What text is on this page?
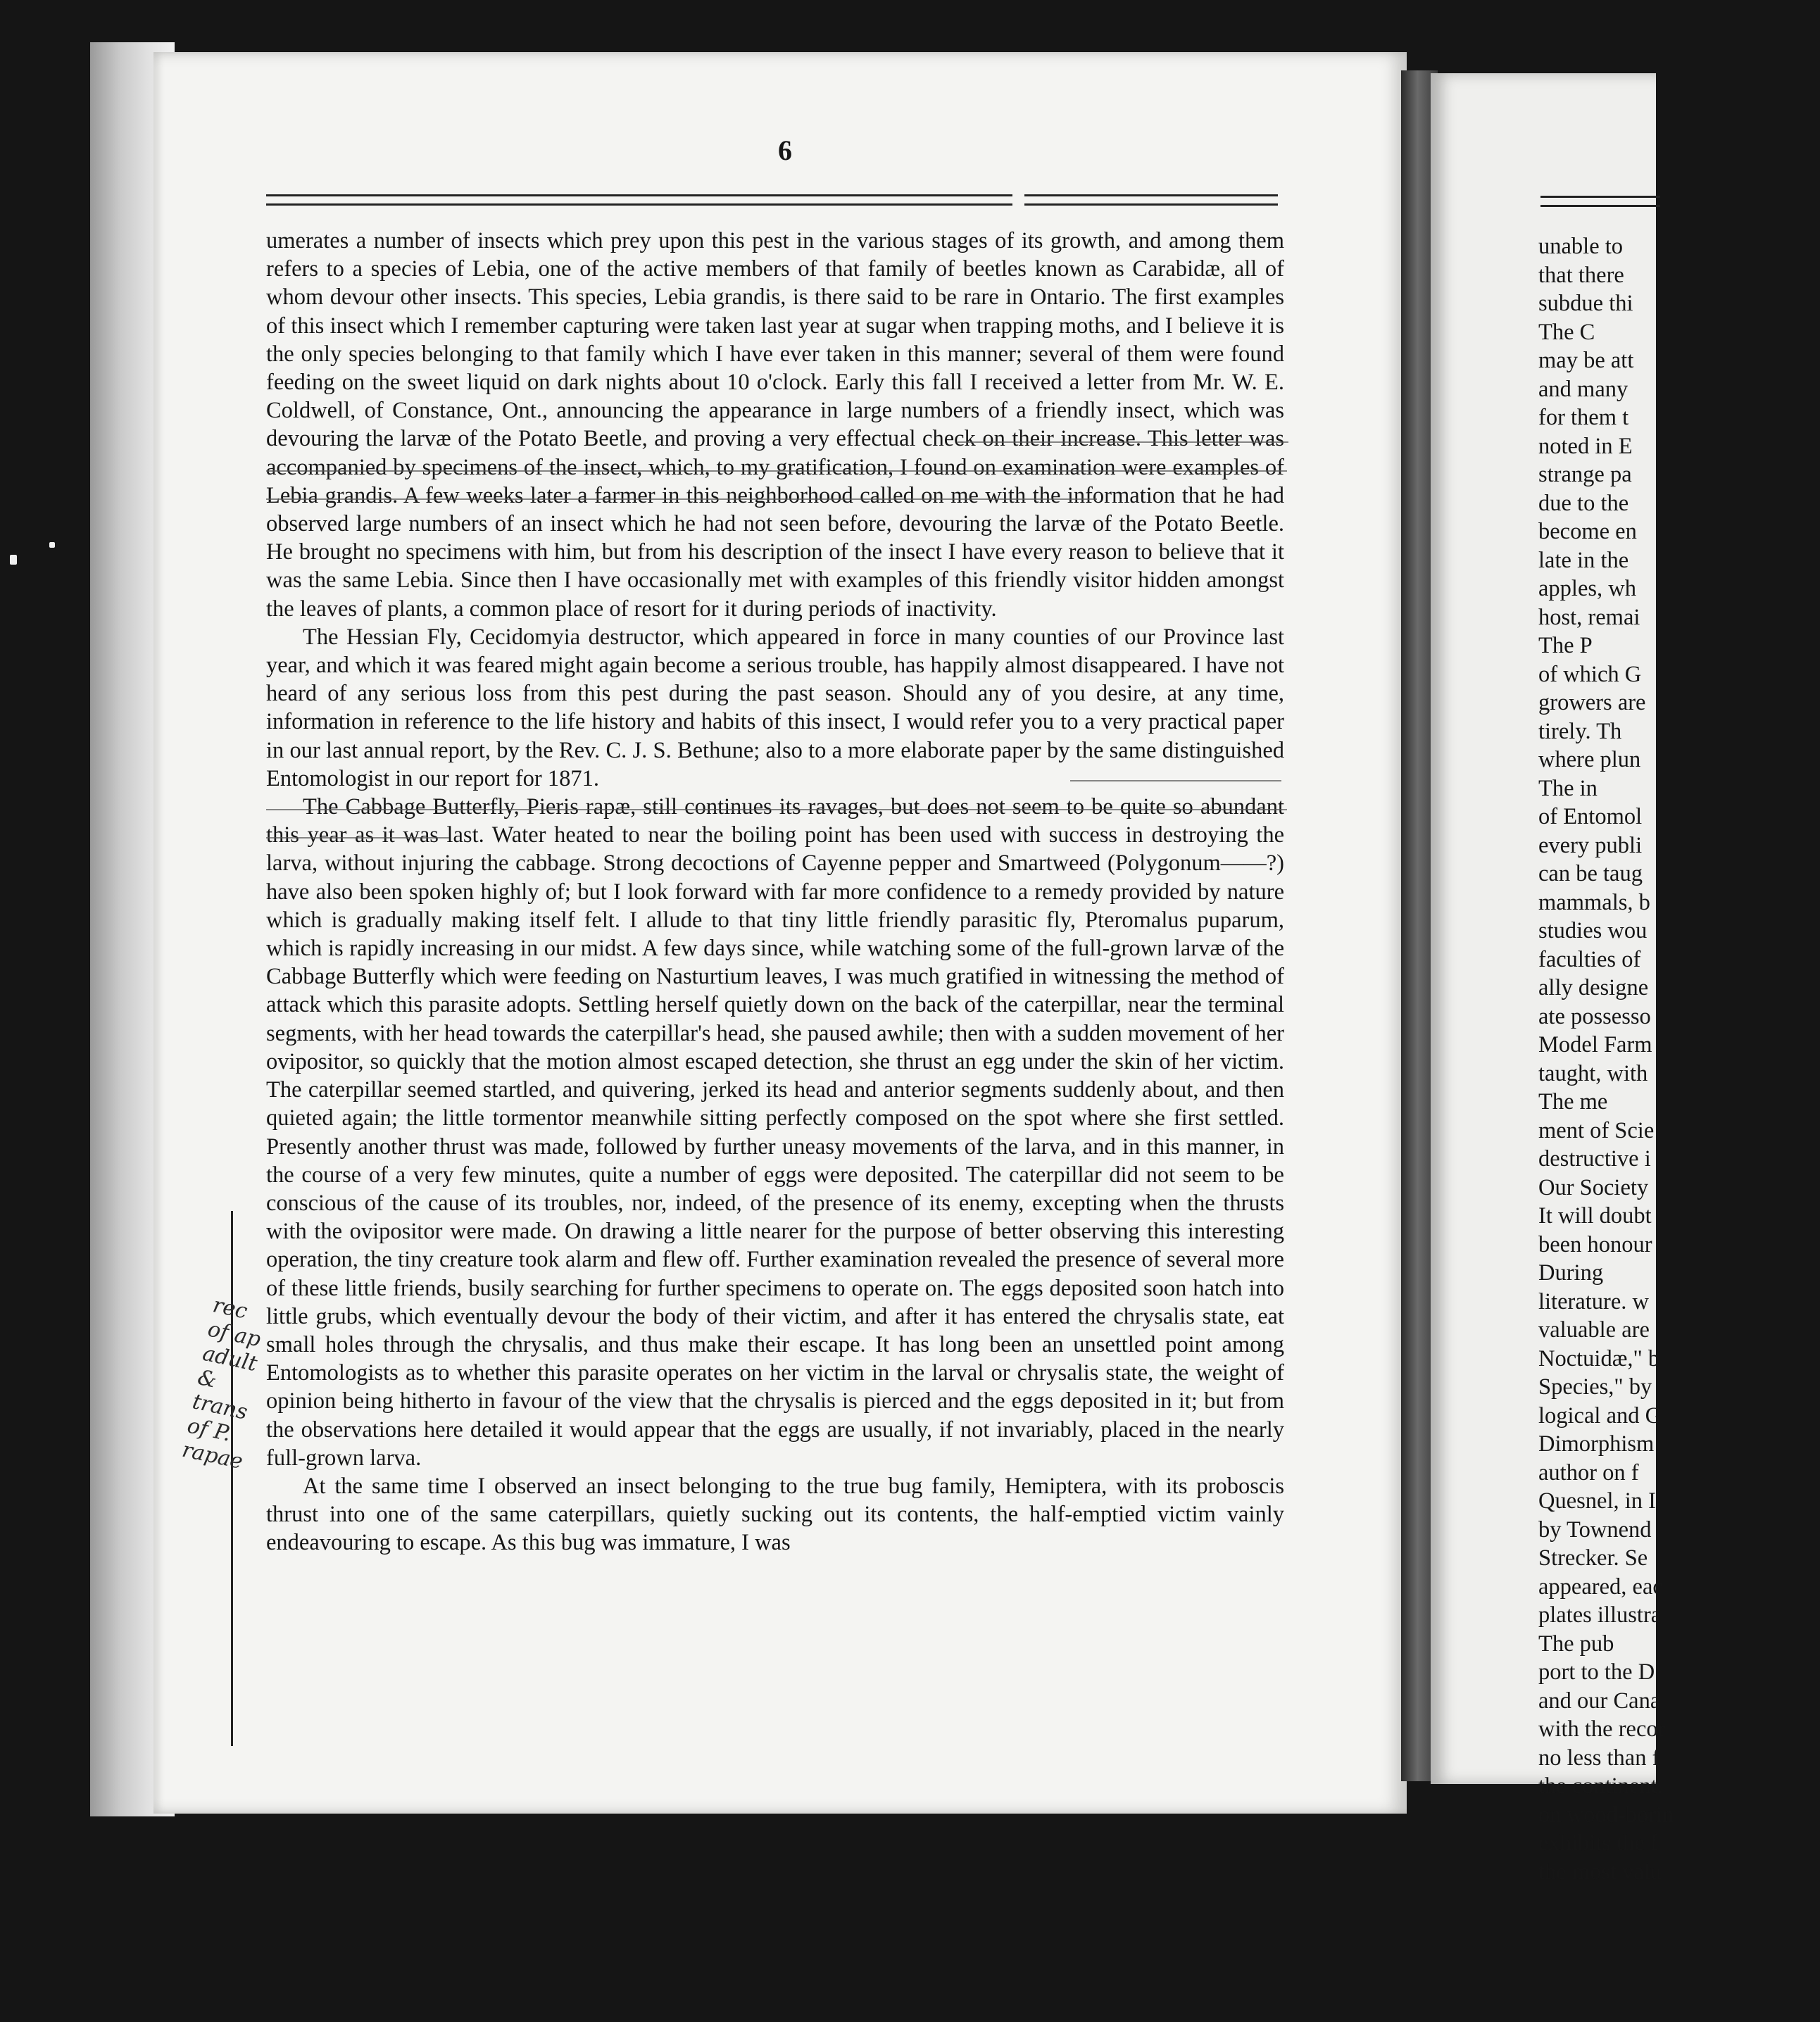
6

umerates a number of insects which prey upon this pest in the various stages of its growth, and among them refers to a species of Lebia, one of the active members of that family of beetles known as Carabidæ, all of whom devour other insects. This species, Lebia grandis, is there said to be rare in Ontario. The first examples of this insect which I remember capturing were taken last year at sugar when trapping moths, and I believe it is the only species belonging to that family which I have ever taken in this manner; several of them were found feeding on the sweet liquid on dark nights about 10 o'clock. Early this fall I received a letter from Mr. W. E. Coldwell, of Constance, Ont., announcing the appearance in large numbers of a friendly insect, which was devouring the larvæ of the Potato Beetle, and proving a very effectual check on their increase. This letter was accompanied by specimens of the insect, which, to my gratification, I found on examination were examples of Lebia grandis. A few weeks later a farmer in this neighborhood called on me with the information that he had observed large numbers of an insect which he had not seen before, devouring the larvæ of the Potato Beetle. He brought no specimens with him, but from his description of the insect I have every reason to believe that it was the same Lebia. Since then I have occasionally met with examples of this friendly visitor hidden amongst the leaves of plants, a common place of resort for it during periods of inactivity.

The Hessian Fly, Cecidomyia destructor, which appeared in force in many counties of our Province last year, and which it was feared might again become a serious trouble, has happily almost disappeared. I have not heard of any serious loss from this pest during the past season. Should any of you desire, at any time, information in reference to the life history and habits of this insect, I would refer you to a very practical paper in our last annual report, by the Rev. C. J. S. Bethune; also to a more elaborate paper by the same distinguished Entomologist in our report for 1871.

The Cabbage Butterfly, Pieris rapæ, still continues its ravages, but does not seem to be quite so abundant this year as it was last. Water heated to near the boiling point has been used with success in destroying the larva, without injuring the cabbage. Strong decoctions of Cayenne pepper and Smartweed (Polygonum——?) have also been spoken highly of; but I look forward with far more confidence to a remedy provided by nature which is gradually making itself felt. I allude to that tiny little friendly parasitic fly, Pteromalus puparum, which is rapidly increasing in our midst. A few days since, while watching some of the full-grown larvæ of the Cabbage Butterfly which were feeding on Nasturtium leaves, I was much gratified in witnessing the method of attack which this parasite adopts. Settling herself quietly down on the back of the caterpillar, near the terminal segments, with her head towards the caterpillar's head, she paused awhile; then with a sudden movement of her ovipositor, so quickly that the motion almost escaped detection, she thrust an egg under the skin of her victim. The caterpillar seemed startled, and quivering, jerked its head and anterior segments suddenly about, and then quieted again; the little tormentor meanwhile sitting perfectly composed on the spot where she first settled. Presently another thrust was made, followed by further uneasy movements of the larva, and in this manner, in the course of a very few minutes, quite a number of eggs were deposited. The caterpillar did not seem to be conscious of the cause of its troubles, nor, indeed, of the presence of its enemy, excepting when the thrusts with the ovipositor were made. On drawing a little nearer for the purpose of better observing this interesting operation, the tiny creature took alarm and flew off. Further examination revealed the presence of several more of these little friends, busily searching for further specimens to operate on. The eggs deposited soon hatch into little grubs, which eventually devour the body of their victim, and after it has entered the chrysalis state, eat small holes through the chrysalis, and thus make their escape. It has long been an unsettled point among Entomologists as to whether this parasite operates on her victim in the larval or chrysalis state, the weight of opinion being hitherto in favour of the view that the chrysalis is pierced and the eggs deposited in it; but from the observations here detailed it would appear that the eggs are usually, if not invariably, placed in the nearly full-grown larva.

At the same time I observed an insect belonging to the true bug family, Hemiptera, with its proboscis thrust into one of the same caterpillars, quietly sucking out its contents, the half-emptied victim vainly endeavouring to escape. As this bug was immature, I was

unable to
that there
subdue thi
The C
may be att
and many
for them t
noted in E
strange pa
due to the
become en
late in the
apples, wh
host, remai
The P
of which G
growers are
tirely. Th
where plun
The in
of Entomol
every publi
can be taug
mammals, b
studies wou
faculties of
ally designe
ate possesso
Model Farm
taught, with
The me
ment of Scie
destructive i
Our Society
It will doubt
been honour
During
literature. w
valuable are
Noctuidæ," b
Species," by
logical and G
Dimorphism
author on f
Quesnel, in I
by Townend
Strecker. Se
appeared, eac
plates illustra
The pub
port to the D
and our Cana
with the recor
no less than f
the continent.
on wood-borin
exhibits the f
the most valu
rec of ap adult & trans of P. rapae
